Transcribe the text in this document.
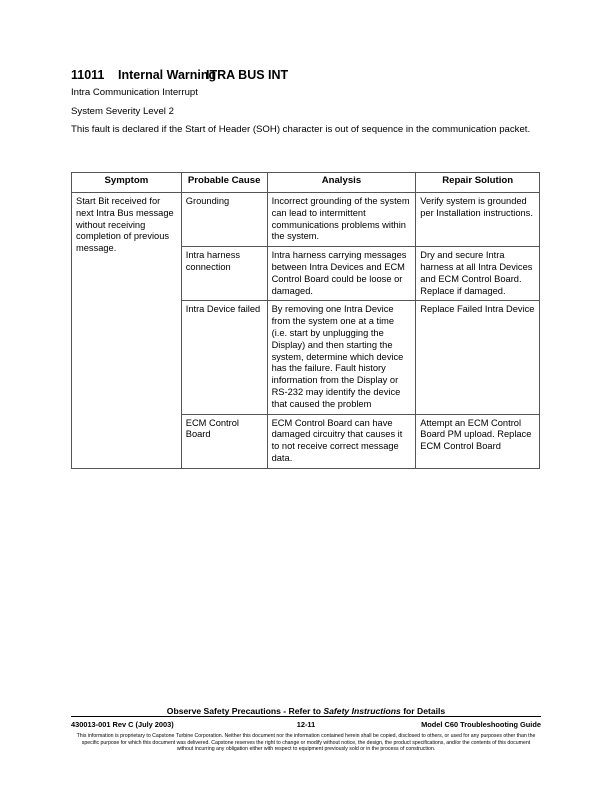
11011 Internal WarningITRA BUS INT
Intra Communication Interrupt
System Severity Level 2
This fault is declared if the Start of Header (SOH) character is out of sequence in the communication packet.
Symptom	Probable Cause	Analysis	Repair Solution
Start Bit received for next Intra Bus message without receiving completion of previous message.	Grounding	Incorrect grounding of the system can lead to intermittent communications problems within the system.	Verify system is grounded per Installation instructions.
	Intra harness connection	Intra harness carrying messages between Intra Devices and ECM Control Board could be loose or damaged.	Dry and secure Intra harness at all Intra Devices and ECM Control Board. Replace if damaged.
	Intra Device failed	By removing one Intra Device from the system one at a time (i.e. start by unplugging the Display) and then starting the system, determine which device has the failure. Fault history information from the Display or RS-232 may identify the device that caused the problem	Replace Failed Intra Device
	ECM Control Board	ECM Control Board can have damaged circuitry that causes it to not receive correct message data.	Attempt an ECM Control Board PM upload. Replace ECM Control Board
Observe Safety Precautions - Refer to Safety Instructions for Details
430013-001 Rev C (July 2003)	12-11	Model C60 Troubleshooting Guide
This information is proprietary to Capstone Turbine Corporation. Neither this document nor the information contained herein shall be copied, disclosed to others, or used for any purposes other than the specific purpose for which this document was delivered. Capstone reserves the right to change or modify without notice, the design, the product specifications, and/or the contents of this document without incurring any obligation either with respect to equipment previously sold or in the process of construction.
